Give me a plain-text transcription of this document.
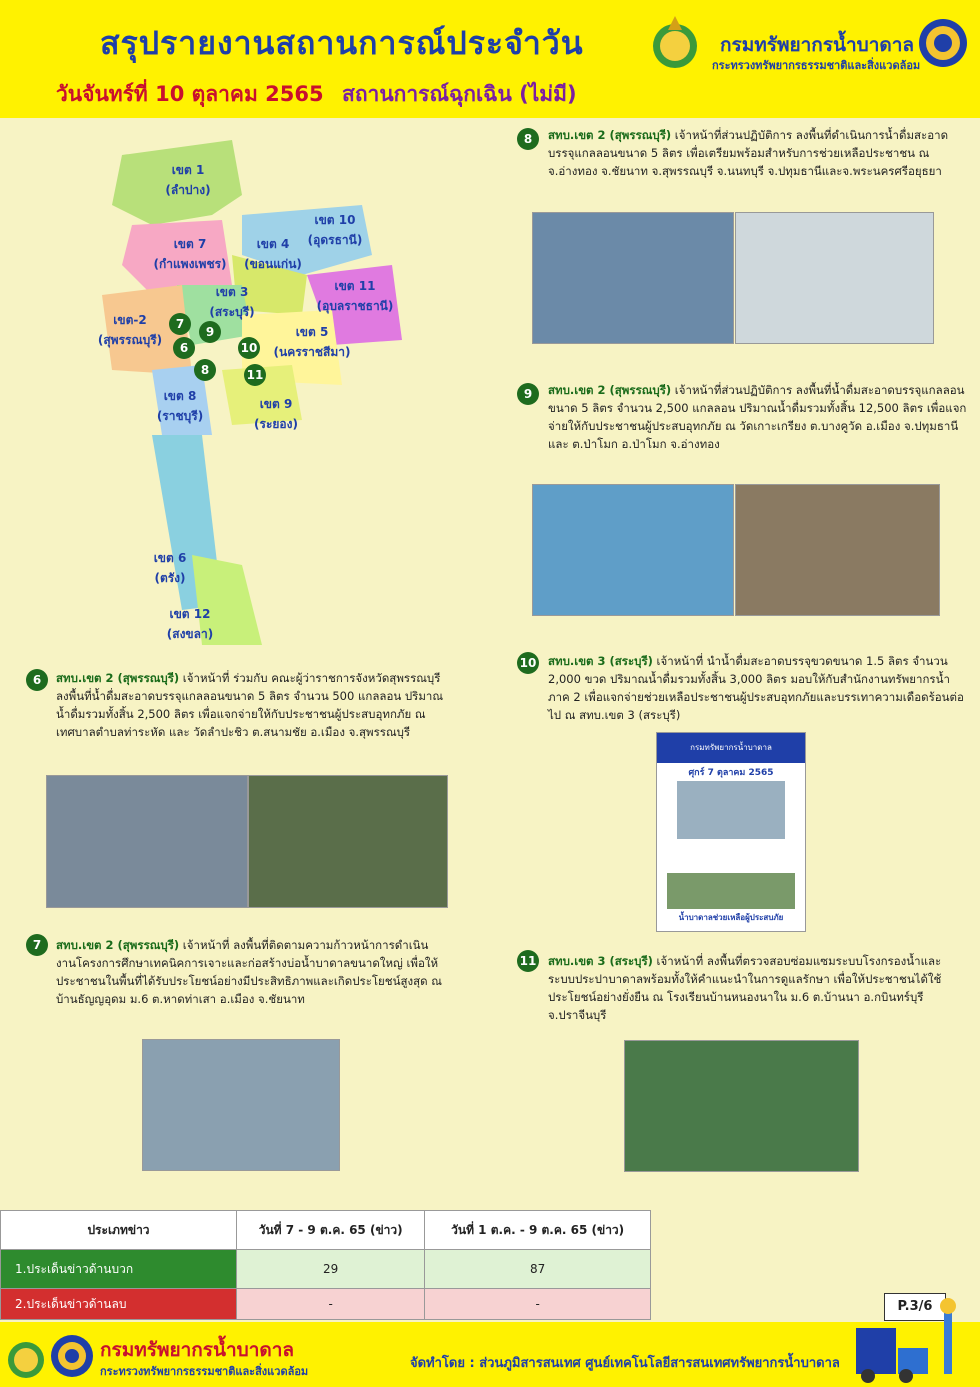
สรุปรายงานสถานการณ์ประจำวัน
วันจันทร์ที่ 10 ตุลาคม 2565 สถานการณ์ฉุกเฉิน (ไม่มี)
กรมทรัพยากรน้ำบาดาล
กระทรวงทรัพยากรธรรมชาติและสิ่งแวดล้อม
เขต 1
(ลำปาง)
เขต 10
(อุดรธานี)
เขต 7
(กำแพงเพชร)
เขต 4
(ขอนแก่น)
เขต 11
(อุบลราชธานี)
เขต 3
(สระบุรี)
เขต-2
(สุพรรณบุรี)
เขต 5
(นครราชสีมา)
เขต 8
(ราชบุรี)
เขต 9
(ระยอง)
เขต 6
(ตรัง)
เขต 12
(สงขลา)
7
9
6	10
8	11
8	สทบ.เขต 2 (สุพรรณบุรี) เจ้าหน้าที่ส่วนปฏิบัติการ ลงพื้นที่ดำเนินการน้ำดื่มสะอาดบรรจุแกลลอนขนาด 5 ลิตร เพื่อเตรียมพร้อมสำหรับการช่วยเหลือประชาชน ณ จ.อ่างทอง จ.ชัยนาท จ.สุพรรณบุรี จ.นนทบุรี จ.ปทุมธานีและจ.พระนครศรีอยุธยา
9	สทบ.เขต 2 (สุพรรณบุรี) เจ้าหน้าที่ส่วนปฏิบัติการ ลงพื้นที่น้ำดื่มสะอาดบรรจุแกลลอนขนาด 5 ลิตร จำนวน 2,500 แกลลอน ปริมาณน้ำดื่มรวมทั้งสิ้น 12,500 ลิตร เพื่อแจกจ่ายให้กับประชาชนผู้ประสบอุทกภัย ณ วัดเกาะเกรียง ต.บางคูวัด อ.เมือง จ.ปทุมธานี และ ต.ป่าโมก อ.ป่าโมก จ.อ่างทอง
10 สทบ.เขต 3 (สระบุรี) เจ้าหน้าที่ นำน้ำดื่มสะอาดบรรจุขวดขนาด 1.5 ลิตร จำนวน 2,000 ขวด ปริมาณน้ำดื่มรวมทั้งสิ้น 3,000 ลิตร มอบให้กับสำนักงานทรัพยากรน้ำภาค 2 เพื่อแจกจ่ายช่วยเหลือประชาชนผู้ประสบอุทกภัยและบรรเทาความเดือดร้อนต่อไป ณ สทบ.เขต 3 (สระบุรี)
กรมทรัพยากรน้ำบาดาล
ศุกร์ 7 ตุลาคม 2565
น้ำบาดาลช่วยเหลือผู้ประสบภัย
6	สทบ.เขต 2 (สุพรรณบุรี) เจ้าหน้าที่ ร่วมกับ คณะผู้ว่าราชการจังหวัดสุพรรณบุรี ลงพื้นที่น้ำดื่มสะอาดบรรจุแกลลอนขนาด 5 ลิตร จำนวน 500 แกลลอน ปริมาณน้ำดื่มรวมทั้งสิ้น 2,500 ลิตร เพื่อแจกจ่ายให้กับประชาชนผู้ประสบอุทกภัย ณ เทศบาลตำบลท่าระหัด และ วัดลำปะชิว ต.สนามชัย อ.เมือง จ.สุพรรณบุรี
7	สทบ.เขต 2 (สุพรรณบุรี) เจ้าหน้าที่ ลงพื้นที่ติดตามความก้าวหน้าการดำเนินงานโครงการศึกษาเทคนิคการเจาะและก่อสร้างบ่อน้ำบาดาลขนาดใหญ่ เพื่อให้ประชาชนในพื้นที่ได้รับประโยชน์อย่างมีประสิทธิภาพและเกิดประโยชน์สูงสุด ณ บ้านธัญญอุดม ม.6 ต.หาดท่าเสา อ.เมือง จ.ชัยนาท
11 สทบ.เขต 3 (สระบุรี) เจ้าหน้าที่ ลงพื้นที่ตรวจสอบซ่อมแซมระบบโรงกรองน้ำและระบบประปาบาดาลพร้อมทั้งให้คำแนะนำในการดูแลรักษา เพื่อให้ประชาชนได้ใช้ประโยชน์อย่างยั่งยืน ณ โรงเรียนบ้านหนองนาใน ม.6 ต.บ้านนา อ.กบินทร์บุรี จ.ปราจีนบุรี
ประเภทข่าว	วันที่ 7 - 9 ต.ค. 65 (ข่าว)	วันที่ 1 ต.ค. - 9 ต.ค. 65 (ข่าว)
1.ประเด็นข่าวด้านบวก	29	87
2.ประเด็นข่าวด้านลบ	-	-	P.3/6
กรมทรัพยากรน้ำบาดาล
กระทรวงทรัพยากรธรรมชาติและสิ่งแวดล้อม
จัดทำโดย : ส่วนภูมิสารสนเทศ ศูนย์เทคโนโลยีสารสนเทศทรัพยากรน้ำบาดาล
